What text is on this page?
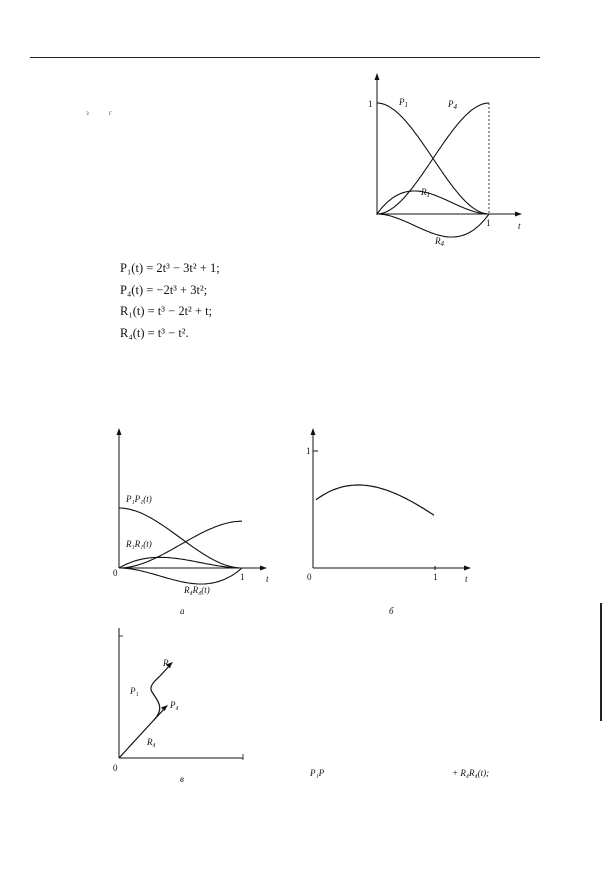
з	г
1
1	t
$P_1$	$P_4$
$R_1$
$R_4$
P₁P₁(t)
R₁R₁(t)
R₄R₄(t)
0	1 t
а
1
0	1	t
б
R₁
P₁
P₄
R₄
0
в
P₁(t) = 2t³ − 3t² + 1;
P₄(t) = −2t³ + 3t²;
R₁(t) = t³ − 2t² + t;
R₄(t) = t³ − t².
P₁P	+ R₄R₄(t);
